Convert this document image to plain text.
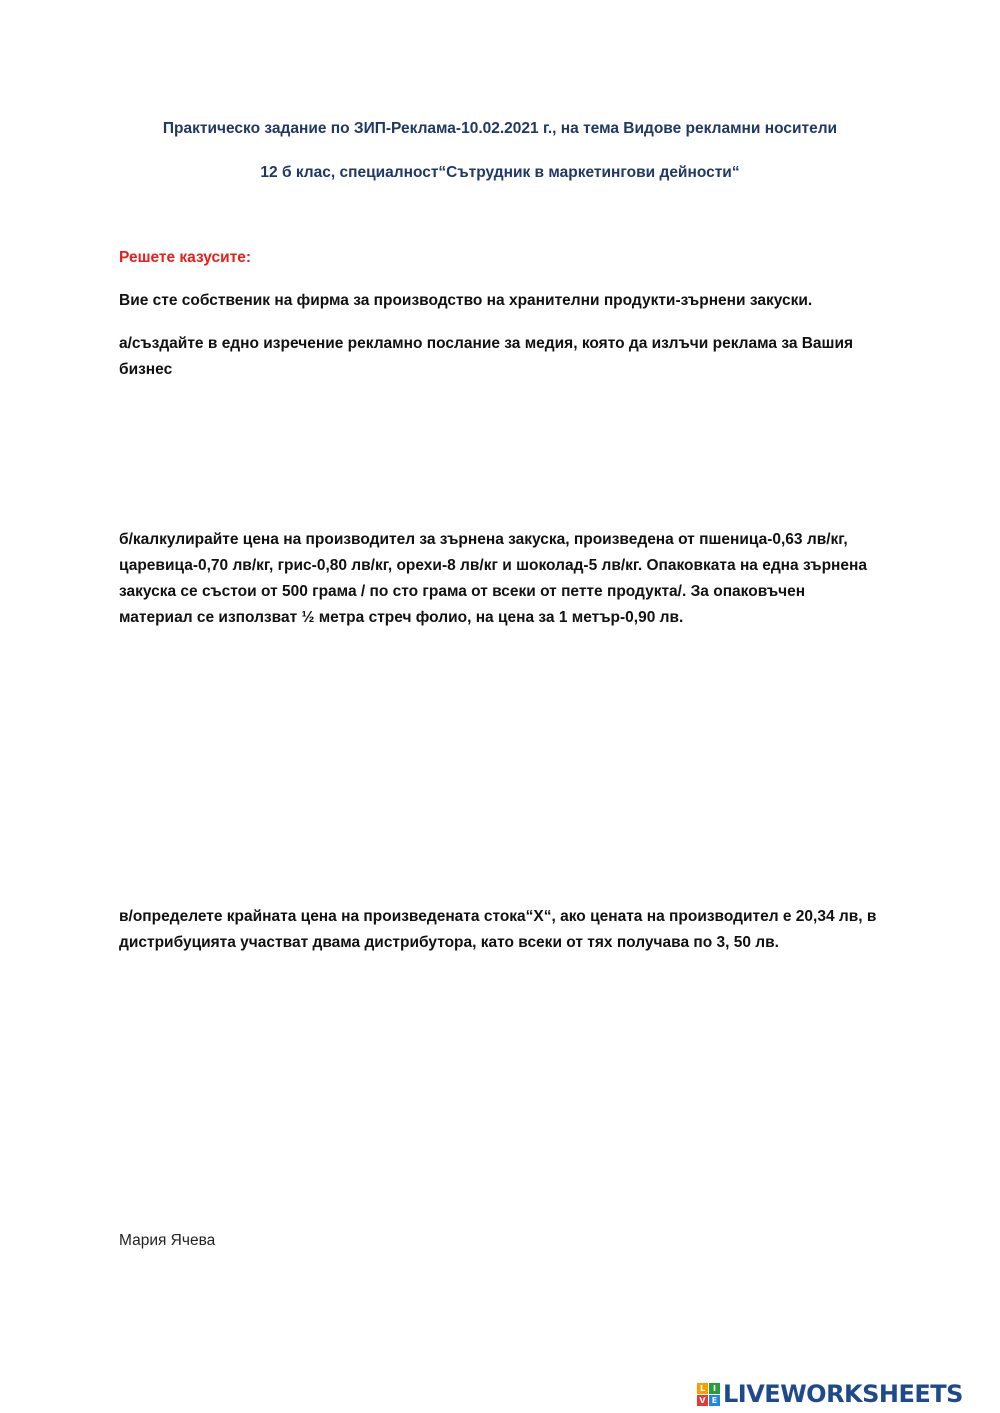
Практическо задание по ЗИП-Реклама-10.02.2021 г., на тема Видове рекламни носители
12 б клас, специалност“Сътрудник в маркетингови дейности“
Решете казусите:
Вие сте собственик на фирма за производство на хранителни продукти-зърнени закуски.
а/създайте в едно изречение рекламно послание за медия, която да излъчи реклама за Вашия бизнес
б/калкулирайте цена на производител за зърнена закуска, произведена от пшеница-0,63 лв/кг, царевица-0,70 лв/кг, грис-0,80 лв/кг, орехи-8 лв/кг и шоколад-5 лв/кг. Опаковката на една зърнена закуска се състои от 500 грама / по сто грама от всеки от петте продукта/. За опаковъчен материал се използват ½ метра стреч фолио, на цена за 1 метър-0,90 лв.
в/определете крайната цена на произведената стока“Х“, ако цената на производител е 20,34 лв, в дистрибуцията участват двама дистрибутора, като всеки от тях получава по 3, 50 лв.
Мария Ячева
L I
V E LIVEWORKSHEETS
